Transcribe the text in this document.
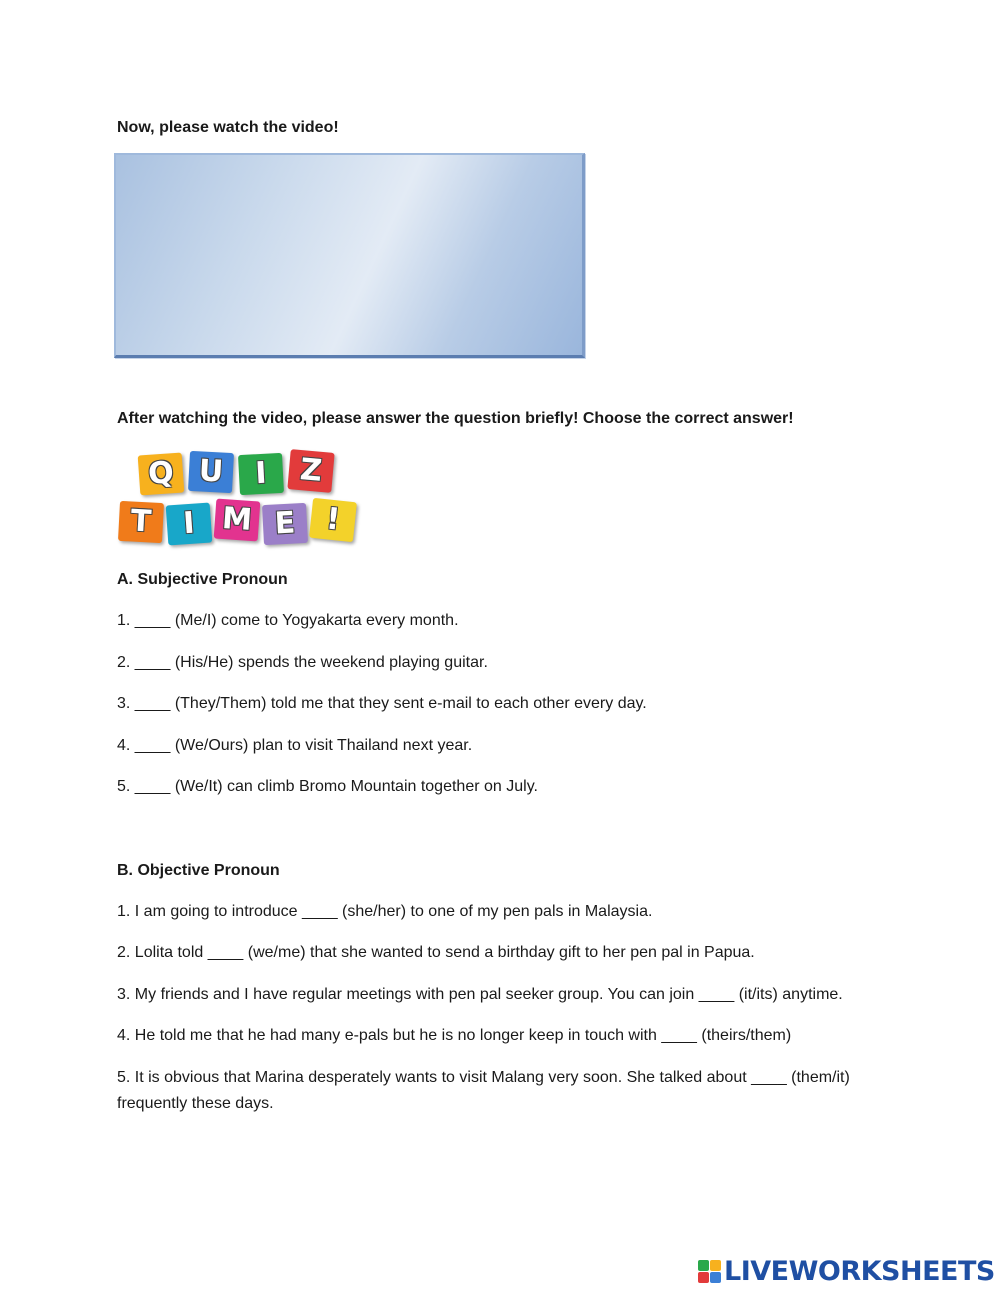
Now, please watch the video!

After watching the video, please answer the question briefly! Choose the correct answer!

Q U	I	Z
T	I M E !

A. Subjective Pronoun

1. ____ (Me/I) come to Yogyakarta every month.

2. ____ (His/He) spends the weekend playing guitar.

3. ____ (They/Them) told me that they sent e-mail to each other every day.

4. ____ (We/Ours) plan to visit Thailand next year.

5. ____ (We/It) can climb Bromo Mountain together on July.

B. Objective Pronoun

1. I am going to introduce ____ (she/her) to one of my pen pals in Malaysia.

2. Lolita told ____ (we/me) that she wanted to send a birthday gift to her pen pal in Papua.

3. My friends and I have regular meetings with pen pal seeker group. You can join ____ (it/its) anytime.

4. He told me that he had many e-pals but he is no longer keep in touch with ____ (theirs/them)

5. It is obvious that Marina desperately wants to visit Malang very soon. She talked about ____ (them/it) frequently these days.

LIVEWORKSHEETS
